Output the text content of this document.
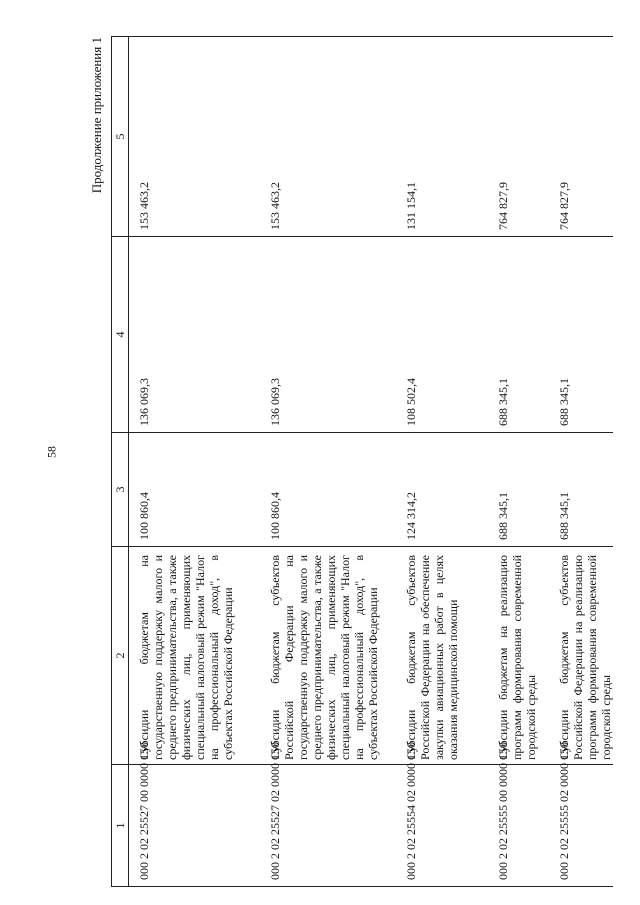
58
Продолжение приложения 1
1	2	3	4	5
000 2 02 25527 00 0000 150	Субсидии бюджетам на государственную поддержку малого и среднего предпринимательства, а также физических лиц, применяющих специальный налоговый режим "Налог на профессиональный доход", в субъектах Российской Федерации	100 860,4	136 069,3	153 463,2
000 2 02 25527 02 0000 150	Субсидии бюджетам субъектов Российской Федерации на государственную поддержку малого и среднего предпринимательства, а также физических лиц, применяющих специальный налоговый режим "Налог на профессиональный доход", в субъектах Российской Федерации	100 860,4	136 069,3	153 463,2
000 2 02 25554 02 0000 150	Субсидии бюджетам субъектов Российской Федерации на обеспечение закупки авиационных работ в целях оказания медицинской помощи	124 314,2	108 502,4	131 154,1
000 2 02 25555 00 0000 150	Субсидии бюджетам на реализацию программ формирования современной городской среды	688 345,1	688 345,1	764 827,9
000 2 02 25555 02 0000 150	Субсидии бюджетам субъектов Российской Федерации на реализацию программ формирования современной городской среды	688 345,1	688 345,1	764 827,9
